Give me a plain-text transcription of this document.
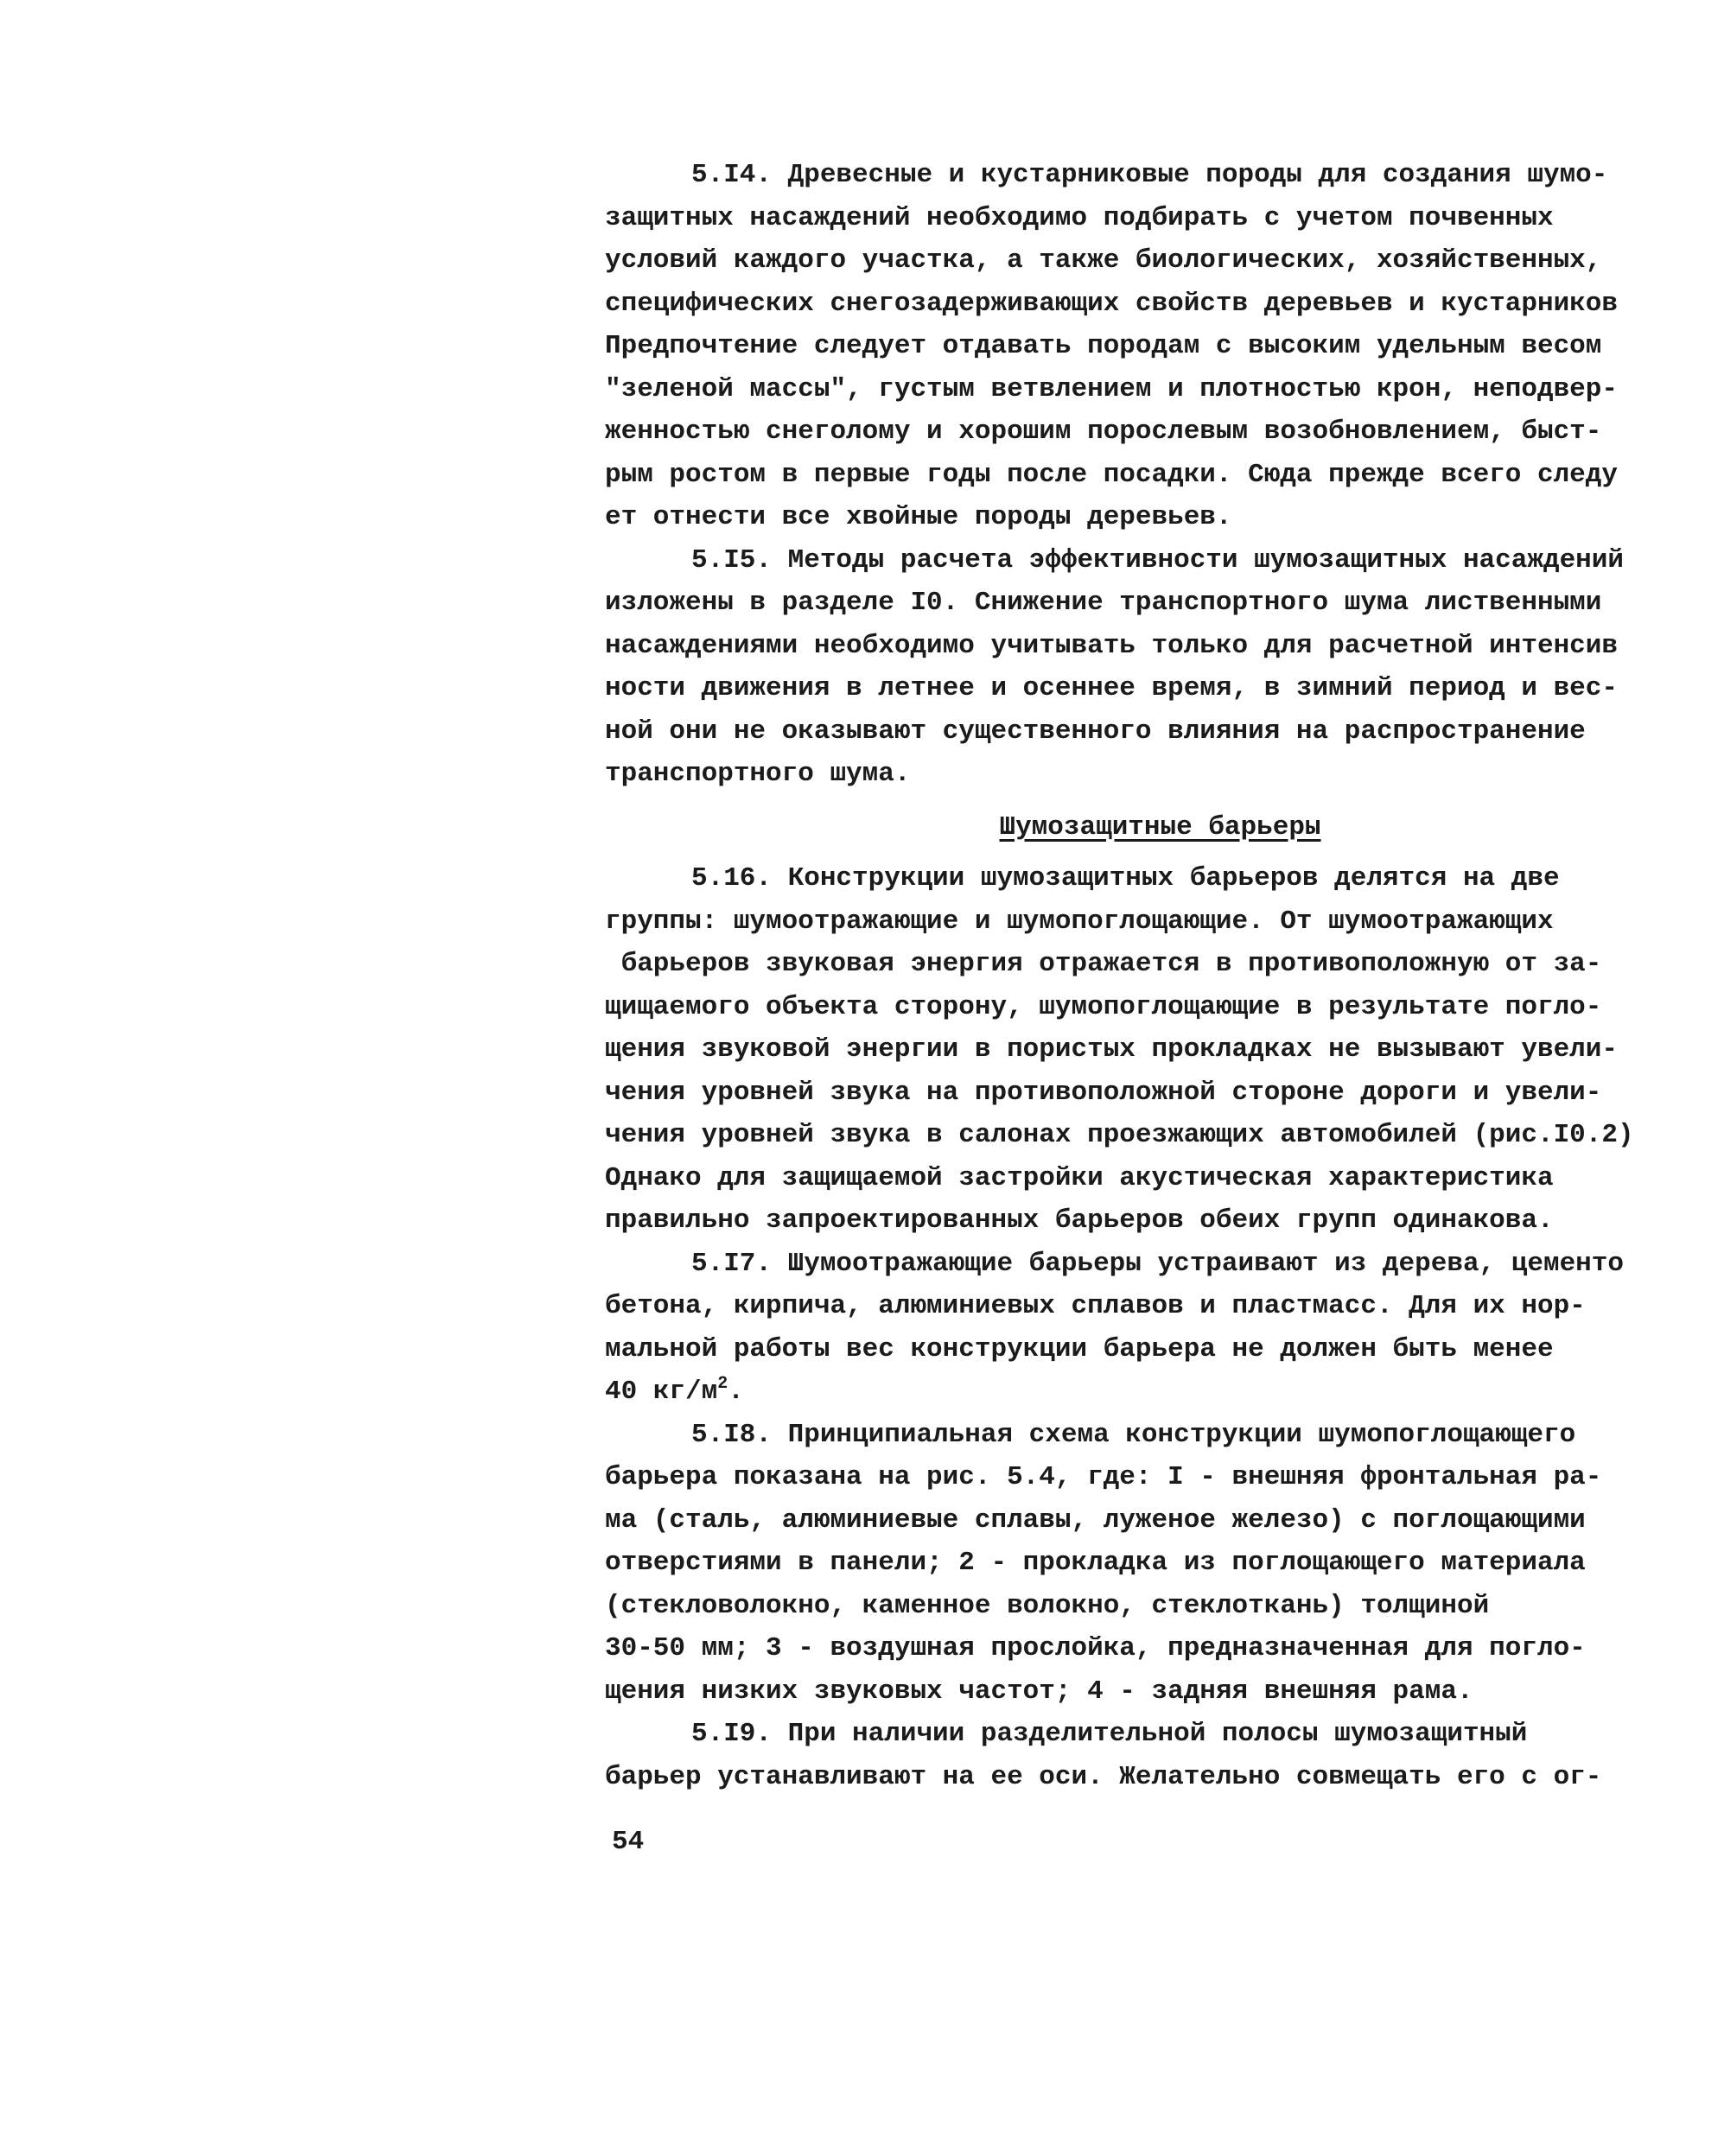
5.I4. Древесные и кустарниковые породы для создания шумо-
защитных насаждений необходимо подбирать с учетом почвенных
условий каждого участка, а также биологических, хозяйственных,
специфических снегозадерживающих свойств деревьев и кустарников
Предпочтение следует отдавать породам с высоким удельным весом
"зеленой массы", густым ветвлением и плотностью крон, неподвер-
женностью снеголому и хорошим порослевым возобновлением, быст-
рым ростом в первые годы после посадки. Сюда прежде всего следу
ет отнести все хвойные породы деревьев.
5.I5. Методы расчета эффективности шумозащитных насаждений
изложены в разделе I0. Снижение транспортного шума лиственными
насаждениями необходимо учитывать только для расчетной интенсив
ности движения в летнее и осеннее время, в зимний период и вес-
ной они не оказывают существенного влияния на распространение
транспортного шума.
Шумозащитные барьеры
5.16. Конструкции шумозащитных барьеров делятся на две
группы: шумоотражающие и шумопоглощающие. От шумоотражающих
барьеров звуковая энергия отражается в противоположную от за-
щищаемого объекта сторону, шумопоглощающие в результате погло-
щения звуковой энергии в пористых прокладках не вызывают увели-
чения уровней звука на противоположной стороне дороги и увели-
чения уровней звука в салонах проезжающих автомобилей (рис.I0.2)
Однако для защищаемой застройки акустическая характеристика
правильно запроектированных барьеров обеих групп одинакова.
5.I7. Шумоотражающие барьеры устраивают из дерева, цементо
бетона, кирпича, алюминиевых сплавов и пластмасс. Для их нор-
мальной работы вес конструкции барьера не должен быть менее
40 $кг/м^2$.
5.I8. Принципиальная схема конструкции шумопоглощающего
барьера показана на рис. 5.4, где: I - внешняя фронтальная ра-
ма (сталь, алюминиевые сплавы, луженое железо) с поглощающими
отверстиями в панели; 2 - прокладка из поглощающего материала
(стекловолокно, каменное волокно, стеклоткань) толщиной
30-50 мм; 3 - воздушная прослойка, предназначенная для погло-
щения низких звуковых частот; 4 - задняя внешняя рама.
5.I9. При наличии разделительной полосы шумозащитный
барьер устанавливают на ее оси. Желательно совмещать его с ог-
54
